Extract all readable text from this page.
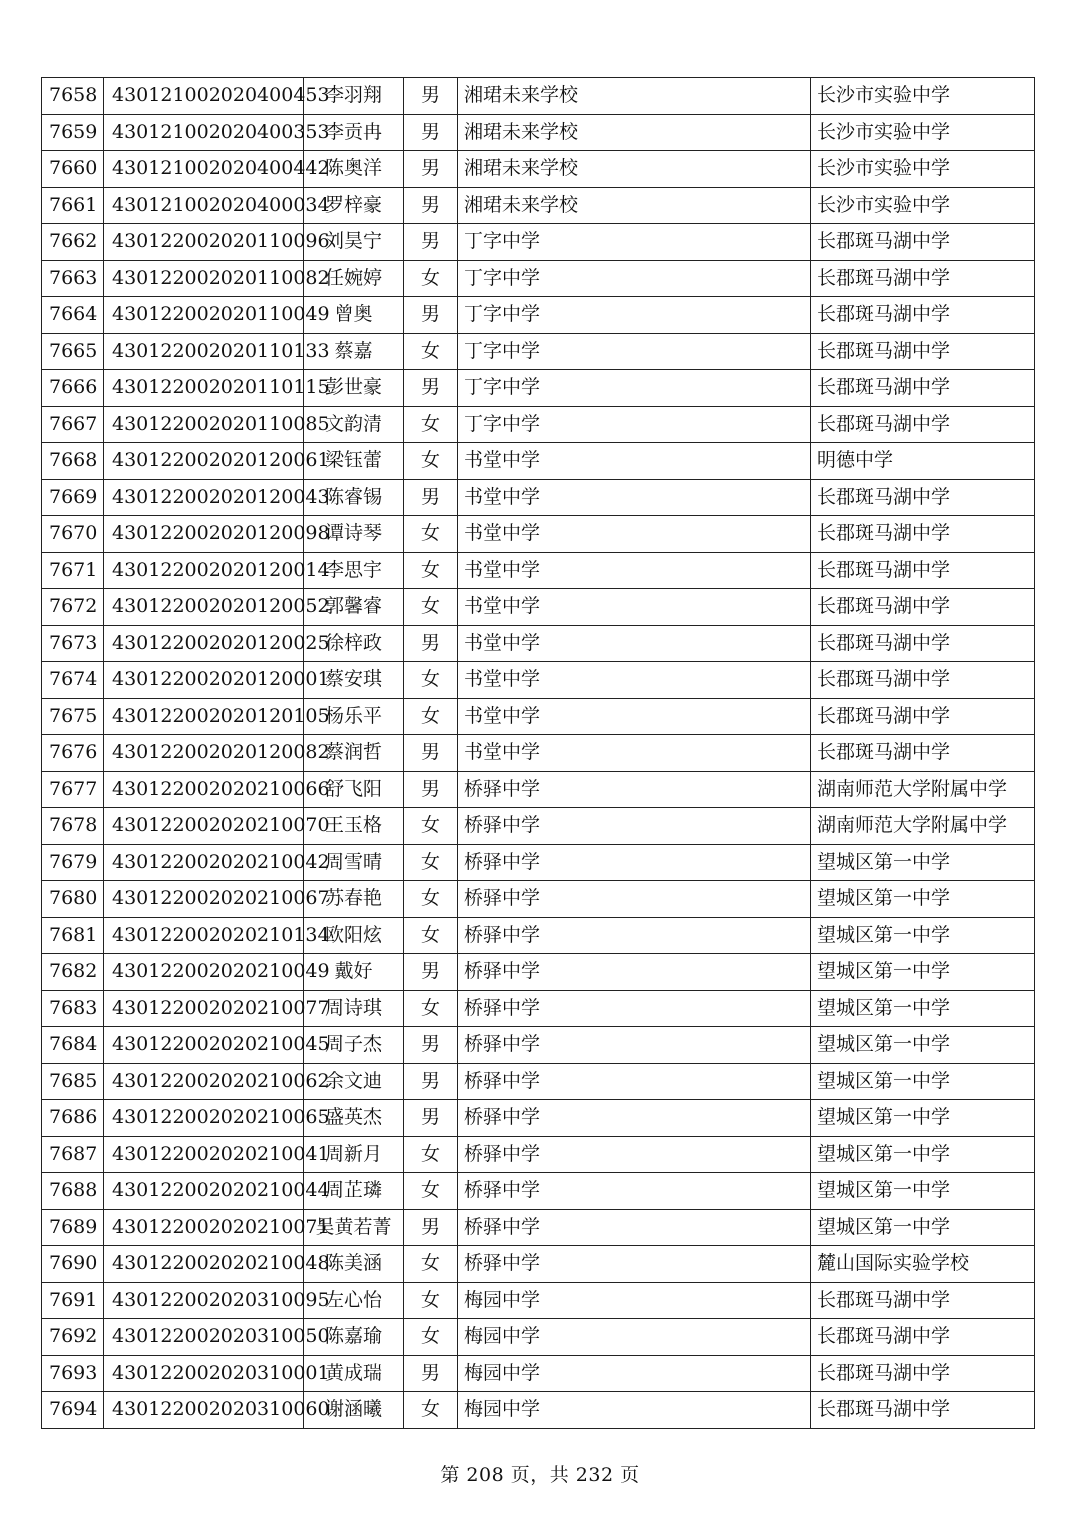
7658	430121002020400453	李羽翔	男	湘珺未来学校	长沙市实验中学
7659	430121002020400353	李贡冉	男	湘珺未来学校	长沙市实验中学
7660	430121002020400442	陈奥洋	男	湘珺未来学校	长沙市实验中学
7661	430121002020400034	罗梓豪	男	湘珺未来学校	长沙市实验中学
7662	430122002020110096	刘昊宁	男	丁字中学	长郡斑马湖中学
7663	430122002020110082	任婉婷	女	丁字中学	长郡斑马湖中学
7664	430122002020110049	曾奥	男	丁字中学	长郡斑马湖中学
7665	430122002020110133	蔡嘉	女	丁字中学	长郡斑马湖中学
7666	430122002020110115	彭世豪	男	丁字中学	长郡斑马湖中学
7667	430122002020110085	文韵清	女	丁字中学	长郡斑马湖中学
7668	430122002020120061	梁钰蕾	女	书堂中学	明德中学
7669	430122002020120043	陈睿锡	男	书堂中学	长郡斑马湖中学
7670	430122002020120098	谭诗琴	女	书堂中学	长郡斑马湖中学
7671	430122002020120014	李思宇	女	书堂中学	长郡斑马湖中学
7672	430122002020120052	郭馨睿	女	书堂中学	长郡斑马湖中学
7673	430122002020120025	徐梓政	男	书堂中学	长郡斑马湖中学
7674	430122002020120001	蔡安琪	女	书堂中学	长郡斑马湖中学
7675	430122002020120105	杨乐平	女	书堂中学	长郡斑马湖中学
7676	430122002020120082	蔡润哲	男	书堂中学	长郡斑马湖中学
7677	430122002020210066	舒飞阳	男	桥驿中学	湖南师范大学附属中学
7678	430122002020210070	王玉格	女	桥驿中学	湖南师范大学附属中学
7679	430122002020210042	周雪晴	女	桥驿中学	望城区第一中学
7680	430122002020210067	苏春艳	女	桥驿中学	望城区第一中学
7681	430122002020210134	欧阳炫	女	桥驿中学	望城区第一中学
7682	430122002020210049	戴好	男	桥驿中学	望城区第一中学
7683	430122002020210077	周诗琪	女	桥驿中学	望城区第一中学
7684	430122002020210045	周子杰	男	桥驿中学	望城区第一中学
7685	430122002020210062	余文迪	男	桥驿中学	望城区第一中学
7686	430122002020210065	盛英杰	男	桥驿中学	望城区第一中学
7687	430122002020210041	周新月	女	桥驿中学	望城区第一中学
7688	430122002020210044	周芷璘	女	桥驿中学	望城区第一中学
7689	430122002020210071	吴黄若菁	男	桥驿中学	望城区第一中学
7690	430122002020210048	陈美涵	女	桥驿中学	麓山国际实验学校
7691	430122002020310095	左心怡	女	梅园中学	长郡斑马湖中学
7692	430122002020310050	陈嘉瑜	女	梅园中学	长郡斑马湖中学
7693	430122002020310001	黄成瑞	男	梅园中学	长郡斑马湖中学
7694	430122002020310060	谢涵曦	女	梅园中学	长郡斑马湖中学
第 208 页，共 232 页
